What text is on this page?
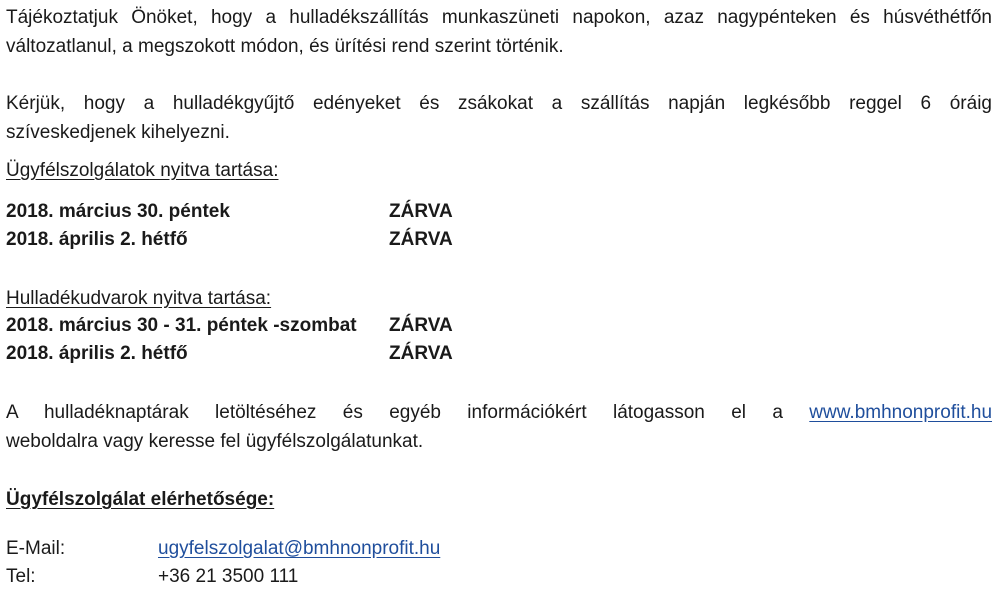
Tájékoztatjuk Önöket, hogy a hulladékszállítás munkaszüneti napokon, azaz nagypénteken és húsvéthétfőn
változatlanul, a megszokott módon, és ürítési rend szerint történik.
Kérjük, hogy a hulladékgyűjtő edényeket és zsákokat a szállítás napján legkésőbb reggel 6 óráig
szíveskedjenek kihelyezni.
Ügyfélszolgálatok nyitva tartása:
2018. március 30. péntek	ZÁRVA
2018. április 2. hétfő	ZÁRVA
Hulladékudvarok nyitva tartása:
2018. március 30 - 31. péntek -szombat ZÁRVA
2018. április 2. hétfő	ZÁRVA
A hulladéknaptárak letöltéséhez és egyéb információkért látogasson el a www.bmhnonprofit.hu
weboldalra vagy keresse fel ügyfélszolgálatunkat.
Ügyfélszolgálat elérhetősége:
E-Mail:	ugyfelszolgalat@bmhnonprofit.hu
Tel:	+36 21 3500 111
